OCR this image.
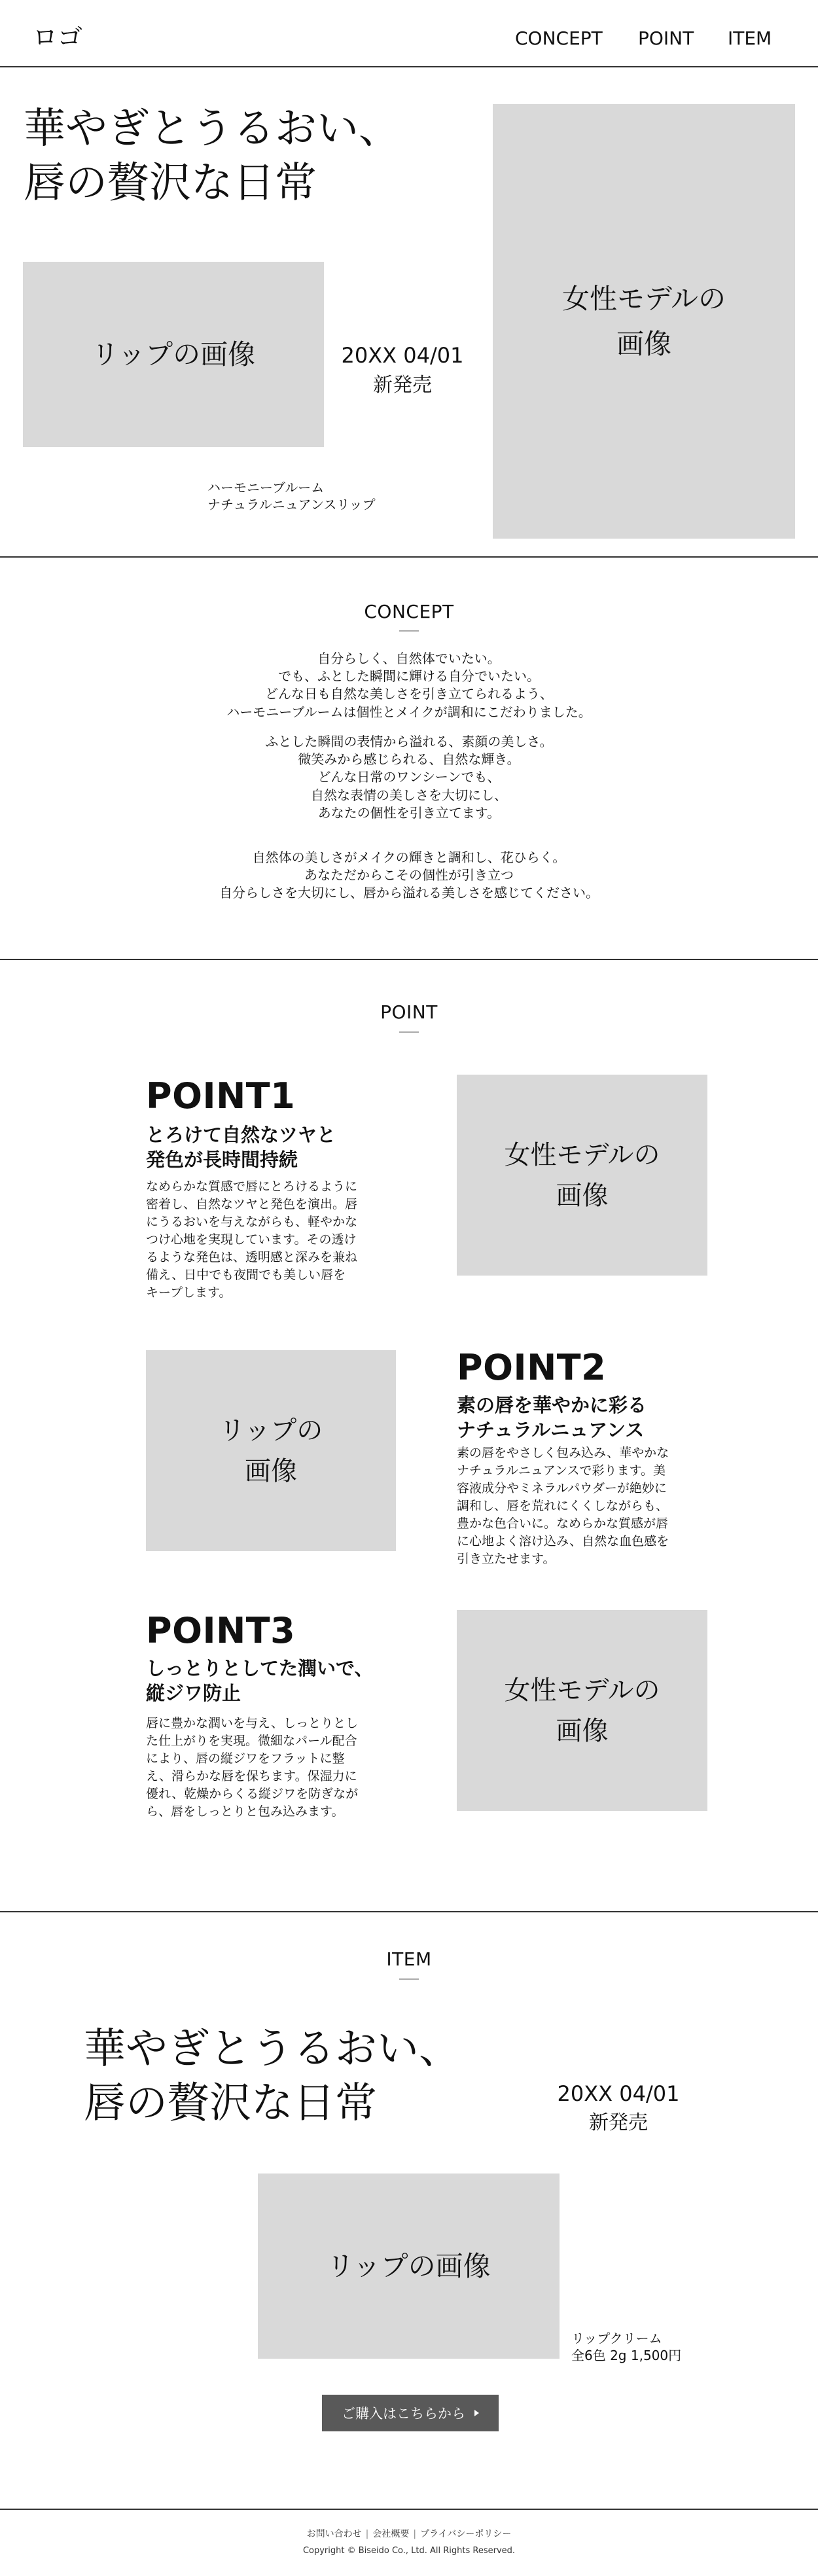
ロゴ	CONCEPT POINT ITEM
華やぎとうるおい、
唇の贅沢な日常
リップの画像	20XX 04/01
新発売
ハーモニーブルーム
ナチュラルニュアンスリップ
女性モデルの
画像
CONCEPT
自分らしく、自然体でいたい。
でも、ふとした瞬間に輝ける自分でいたい。
どんな日も自然な美しさを引き立てられるよう、
ハーモニーブルームは個性とメイクが調和にこだわりました。
ふとした瞬間の表情から溢れる、素顔の美しさ。
微笑みから感じられる、自然な輝き。
どんな日常のワンシーンでも、
自然な表情の美しさを大切にし、
あなたの個性を引き立てます。
自然体の美しさがメイクの輝きと調和し、花ひらく。
あなただからこその個性が引き立つ
自分らしさを大切にし、唇から溢れる美しさを感じてください。
POINT
POINT1
とろけて自然なツヤと
発色が長時間持続
なめらかな質感で唇にとろけるように
密着し、自然なツヤと発色を演出。唇
にうるおいを与えながらも、軽やかな
つけ心地を実現しています。その透け
るような発色は、透明感と深みを兼ね
備え、日中でも夜間でも美しい唇を
キープします。
女性モデルの
画像
リップの
画像
POINT2
素の唇を華やかに彩る
ナチュラルニュアンス
素の唇をやさしく包み込み、華やかな
ナチュラルニュアンスで彩ります。美
容液成分やミネラルパウダーが絶妙に
調和し、唇を荒れにくくしながらも、
豊かな色合いに。なめらかな質感が唇
に心地よく溶け込み、自然な血色感を
引き立たせます。
POINT3
しっとりとしてた潤いで、
縦ジワ防止
唇に豊かな潤いを与え、しっとりとし
た仕上がりを実現。微細なパール配合
により、唇の縦ジワをフラットに整
え、滑らかな唇を保ちます。保湿力に
優れ、乾燥からくる縦ジワを防ぎなが
ら、唇をしっとりと包み込みます。
女性モデルの
画像
ITEM
華やぎとうるおい、
唇の贅沢な日常	20XX 04/01
新発売
リップの画像
リップクリーム
全6色 2g 1,500円
ご購入はこちらから
お問い合わせ | 会社概要 | プライバシーポリシー
Copyright © Biseido Co., Ltd. All Rights Reserved.
